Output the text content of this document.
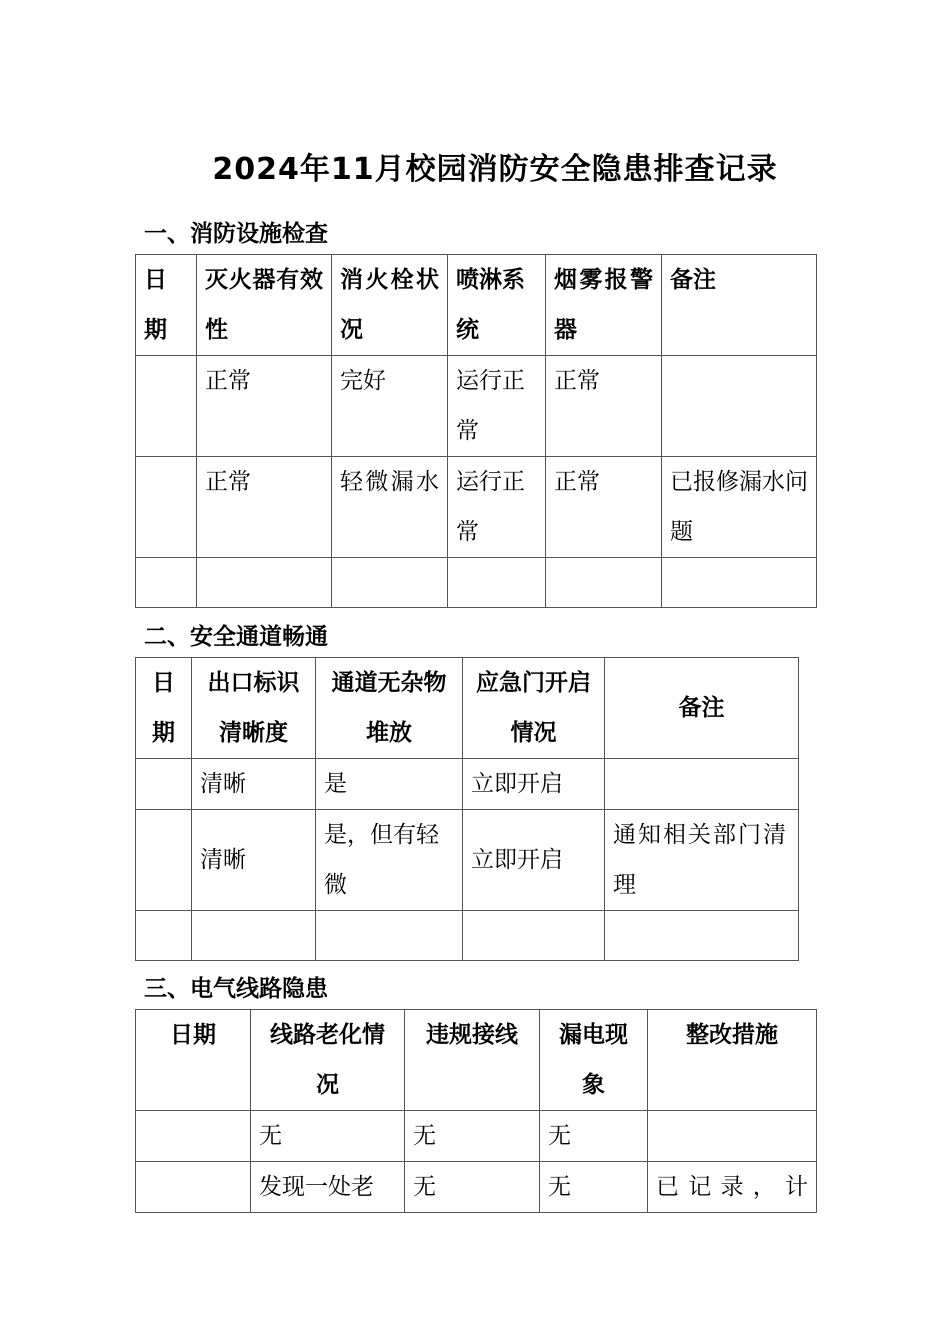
2024年11月校园消防安全隐患排查记录
一、消防设施检查
日期	灭火器有效性	消火栓状况	喷淋系统	烟雾报警器	备注
	正常	完好	运行正常	正常	
	正常	轻微漏水	运行正常	正常	已报修漏水问题

二、安全通道畅通
日期	出口标识清晰度	通道无杂物堆放	应急门开启情况	备注
	清晰	是	立即开启	
	清晰	是，但有轻微	立即开启	通知相关部门清理

三、电气线路隐患
日期	线路老化情况	违规接线	漏电现象	整改措施
	无	无	无	
	发现一处老	无	无	已记录，计
